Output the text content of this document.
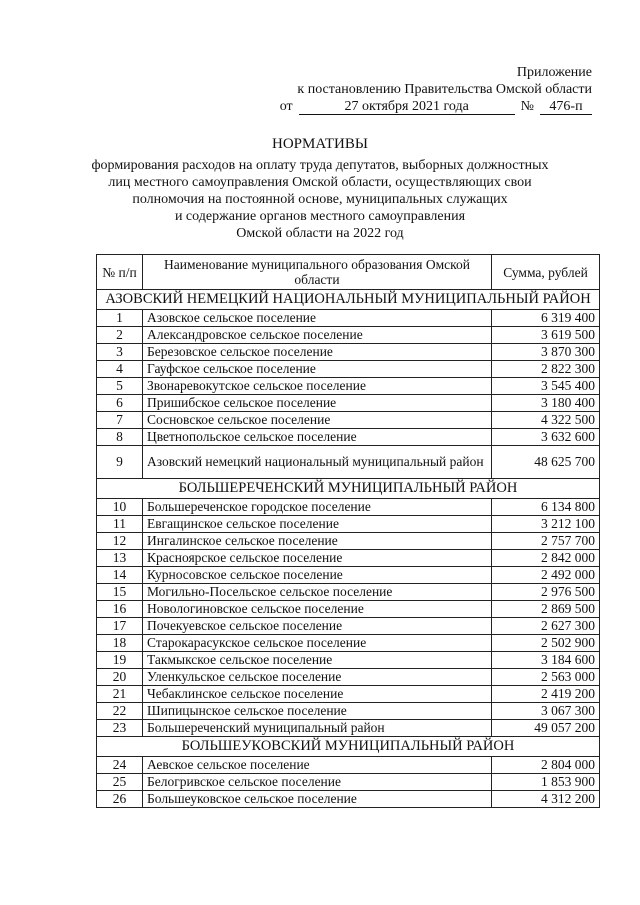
Приложение
к постановлению Правительства Омской области
от	27 октября 2021 года	№	476-п
НОРМАТИВЫ
формирования расходов на оплату труда депутатов, выборных должностных
лиц местного самоуправления Омской области, осуществляющих свои
полномочия на постоянной основе, муниципальных служащих
и содержание органов местного самоуправления
Омской области на 2022 год
№ п/п	Наименование муниципального образования Омской области	Сумма, рублей
АЗОВСКИЙ НЕМЕЦКИЙ НАЦИОНАЛЬНЫЙ МУНИЦИПАЛЬНЫЙ РАЙОН		
1	Азовское сельское поселение	6 319 400
2	Александровское сельское поселение	3 619 500
3	Березовское сельское поселение	3 870 300
4	Гауфское сельское поселение	2 822 300
5	Звонаревокутское сельское поселение	3 545 400
6	Пришибское сельское поселение	3 180 400
7	Сосновское сельское поселение	4 322 500
8	Цветнопольское сельское поселение	3 632 600
9	Азовский немецкий национальный муниципальный район	48 625 700
БОЛЬШЕРЕЧЕНСКИЙ МУНИЦИПАЛЬНЫЙ РАЙОН		
10	Большереченское городское поселение	6 134 800
11	Евгащинское сельское поселение	3 212 100
12	Ингалинское сельское поселение	2 757 700
13	Красноярское сельское поселение	2 842 000
14	Курносовское сельское поселение	2 492 000
15	Могильно-Посельское сельское поселение	2 976 500
16	Новологиновское сельское поселение	2 869 500
17	Почекуевское сельское поселение	2 627 300
18	Старокарасукское сельское поселение	2 502 900
19	Такмыкское сельское поселение	3 184 600
20	Уленкульское сельское поселение	2 563 000
21	Чебаклинское сельское поселение	2 419 200
22	Шипицынское сельское поселение	3 067 300
23	Большереченский муниципальный район	49 057 200
БОЛЬШЕУКОВСКИЙ МУНИЦИПАЛЬНЫЙ РАЙОН		
24	Аевское сельское поселение	2 804 000
25	Белогривское сельское поселение	1 853 900
26	Большеуковское сельское поселение	4 312 200
